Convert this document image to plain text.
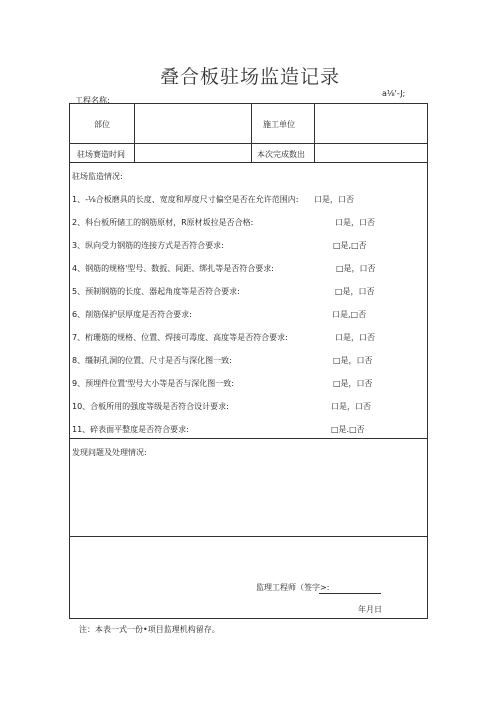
叠合板驻场监造记录
a⅛'-J;
工程名称:
部位	施工单位
驻场赛造时间	本次完成数出
驻场监造情况:
1、-⅛合板磨具的长度、宽度和厚度尺寸偏空是否在允许范围内: 口是，口否
2、科台板所储工的钢筋原材，R原材坂拉是否合格:	口是，口否
3、纵向受力钢筋的连接方式是否符合要求:	□是,□否
4、钢筋的规格'型号、数扳、间距、绑扎等是否符合要求:	□是，口否
5、预制钢筋的长度、器起角度等是否符合要求:	□是，口否
6、削筋保护层厚度是否符合要求:	口是,□否
7、桁珊筋的规格、位置、焊接可毒度、高度等是否符合要求:	口是，口否
8、缰制孔洞的位置、尺寸是否与深化图一致:	□是，口否
9、预埋件位置'型号大小等是否与深化图一致:	□是，口否
10、合板所用的强度等级是否符合设计要求:	口是，口否
11、碎表面平整度是否符合要求:	□是.□否
发现问题及处理情况:
监理工程师（签字>:
年月日
注：本表一式一份•项目监理机构留存。
